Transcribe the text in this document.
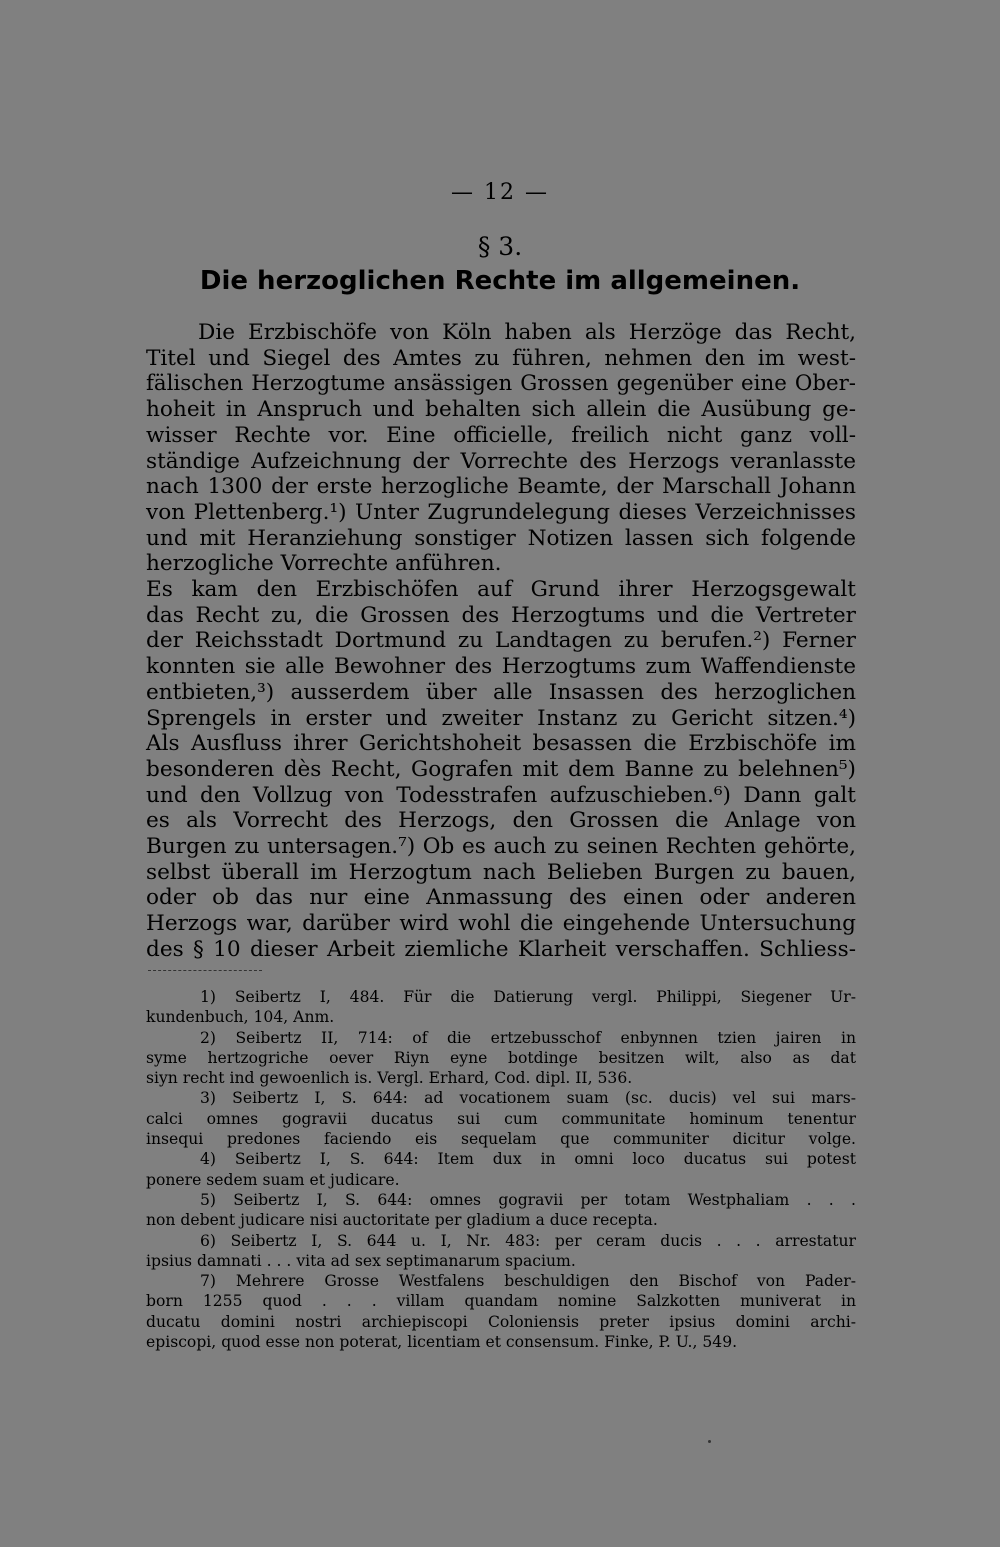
— 12 —
§ 3.
Die herzoglichen Rechte im allgemeinen.
Die Erzbischöfe von Köln haben als Herzöge das Recht,
Titel und Siegel des Amtes zu führen, nehmen den im west-
fälischen Herzogtume ansässigen Grossen gegenüber eine Ober-
hoheit in Anspruch und behalten sich allein die Ausübung ge-
wisser Rechte vor. Eine officielle, freilich nicht ganz voll-
ständige Aufzeichnung der Vorrechte des Herzogs veranlasste
nach 1300 der erste herzogliche Beamte, der Marschall Johann
von Plettenberg.¹) Unter Zugrundelegung dieses Verzeichnisses
und mit Heranziehung sonstiger Notizen lassen sich folgende
herzogliche Vorrechte anführen.
Es kam den Erzbischöfen auf Grund ihrer Herzogsgewalt
das Recht zu, die Grossen des Herzogtums und die Vertreter
der Reichsstadt Dortmund zu Landtagen zu berufen.²) Ferner
konnten sie alle Bewohner des Herzogtums zum Waffendienste
entbieten,³) ausserdem über alle Insassen des herzoglichen
Sprengels in erster und zweiter Instanz zu Gericht sitzen.⁴)
Als Ausfluss ihrer Gerichtshoheit besassen die Erzbischöfe im
besonderen dès Recht, Gografen mit dem Banne zu belehnen⁵)
und den Vollzug von Todesstrafen aufzuschieben.⁶) Dann galt
es als Vorrecht des Herzogs, den Grossen die Anlage von
Burgen zu untersagen.⁷) Ob es auch zu seinen Rechten gehörte,
selbst überall im Herzogtum nach Belieben Burgen zu bauen,
oder ob das nur eine Anmassung des einen oder anderen
Herzogs war, darüber wird wohl die eingehende Untersuchung
des § 10 dieser Arbeit ziemliche Klarheit verschaffen. Schliess-
1) Seibertz I, 484. Für die Datierung vergl. Philippi, Siegener Ur-
kundenbuch, 104, Anm.
2) Seibertz II, 714: of die ertzebusschof enbynnen tzien jairen in
syme hertzogriche oever Riyn eyne botdinge besitzen wilt, also as dat
siyn recht ind gewoenlich is. Vergl. Erhard, Cod. dipl. II, 536.
3) Seibertz I, S. 644: ad vocationem suam (sc. ducis) vel sui mars-
calci omnes gogravii ducatus sui cum communitate hominum tenentur
insequi predones faciendo eis sequelam que communiter dicitur volge.
4) Seibertz I, S. 644: Item dux in omni loco ducatus sui potest
ponere sedem suam et judicare.
5) Seibertz I, S. 644: omnes gogravii per totam Westphaliam . . .
non debent judicare nisi auctoritate per gladium a duce recepta.
6) Seibertz I, S. 644 u. I, Nr. 483: per ceram ducis . . . arrestatur
ipsius damnati . . . vita ad sex septimanarum spacium.
7) Mehrere Grosse Westfalens beschuldigen den Bischof von Pader-
born 1255 quod . . . villam quandam nomine Salzkotten muniverat in
ducatu domini nostri archiepiscopi Coloniensis preter ipsius domini archi-
episcopi, quod esse non poterat, licentiam et consensum. Finke, P. U., 549.
